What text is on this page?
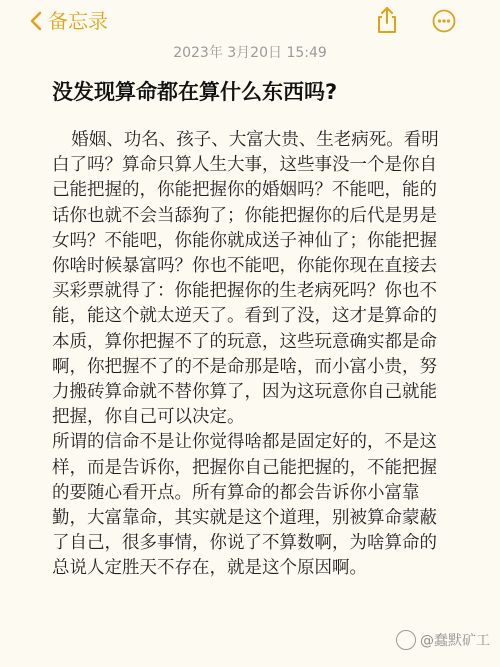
备忘录
2023年 3月20日 15:49
没发现算命都在算什么东西吗?

婚姻、功名、孩子、大富大贵、生老病死。看明白了吗？算命只算人生大事，这些事没一个是你自己能把握的，你能把握你的婚姻吗？不能吧，能的话你也就不会当舔狗了；你能把握你的后代是男是女吗？不能吧，你能你就成送子神仙了；你能把握你啥时候暴富吗？你也不能吧，你能你现在直接去买彩票就得了：你能把握你的生老病死吗？你也不能，能这个就太逆天了。看到了没，这才是算命的本质，算你把握不了的玩意，这些玩意确实都是命啊，你把握不了的不是命那是啥，而小富小贵，努力搬砖算命就不替你算了，因为这玩意你自己就能把握，你自己可以决定。

所谓的信命不是让你觉得啥都是固定好的，不是这样，而是告诉你，把握你自己能把握的，不能把握的要随心看开点。所有算命的都会告诉你小富靠勤，大富靠命，其实就是这个道理，别被算命蒙蔽了自己，很多事情，你说了不算数啊，为啥算命的总说人定胜天不存在，就是这个原因啊。

@蠢默矿工
